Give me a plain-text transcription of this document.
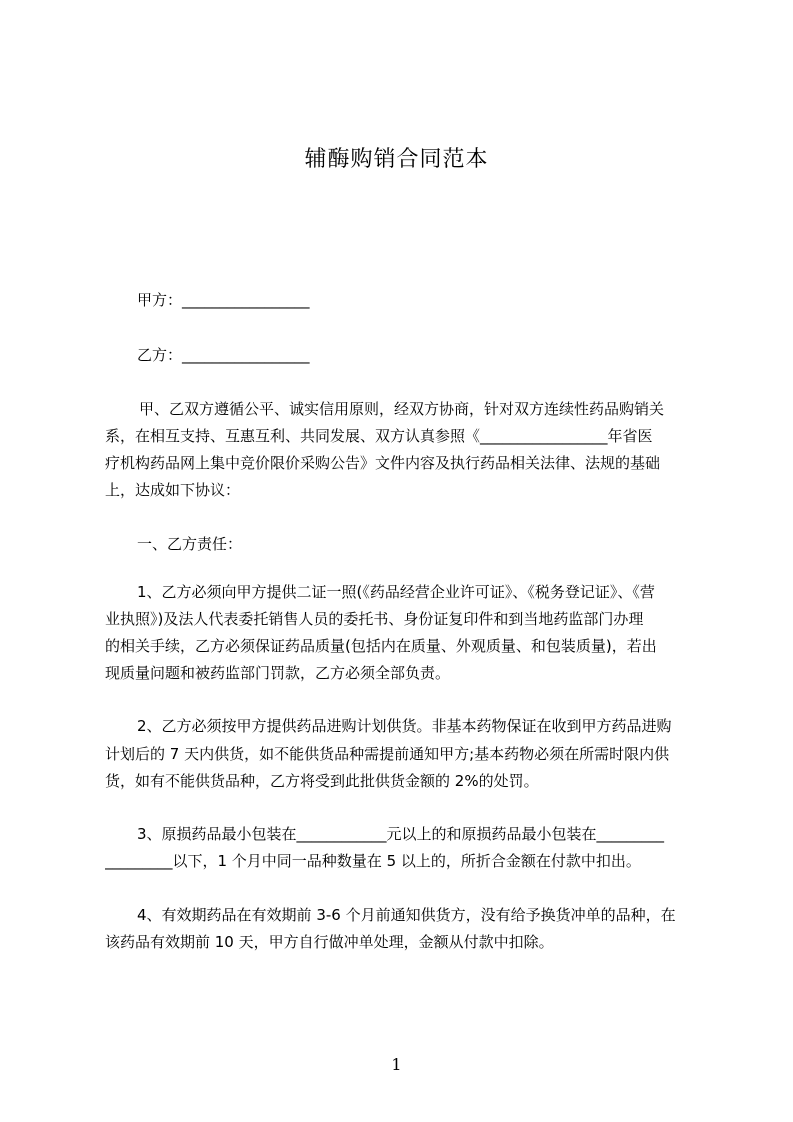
辅酶购销合同范本
甲方：_________________
乙方：_________________
甲、乙双方遵循公平、诚实信用原则，经双方协商，针对双方连续性药品购销关
系，在相互支持、互惠互利、共同发展、双方认真参照《_________________年省医
疗机构药品网上集中竞价限价采购公告》文件内容及执行药品相关法律、法规的基础
上，达成如下协议：
一、乙方责任：
1、乙方必须向甲方提供二证一照(《药品经营企业许可证》、《税务登记证》、《营
业执照》)及法人代表委托销售人员的委托书、身份证复印件和到当地药监部门办理
的相关手续，乙方必须保证药品质量(包括内在质量、外观质量、和包装质量)，若出
现质量问题和被药监部门罚款，乙方必须全部负责。
2、乙方必须按甲方提供药品进购计划供货。非基本药物保证在收到甲方药品进购
计划后的 7 天内供货，如不能供货品种需提前通知甲方;基本药物必须在所需时限内供
货，如有不能供货品种，乙方将受到此批供货金额的 2%的处罚。
3、原损药品最小包装在____________元以上的和原损药品最小包装在_________
_________以下，1 个月中同一品种数量在 5 以上的，所折合金额在付款中扣出。
4、有效期药品在有效期前 3-6 个月前通知供货方，没有给予换货冲单的品种，在
该药品有效期前 10 天，甲方自行做冲单处理，金额从付款中扣除。
1
